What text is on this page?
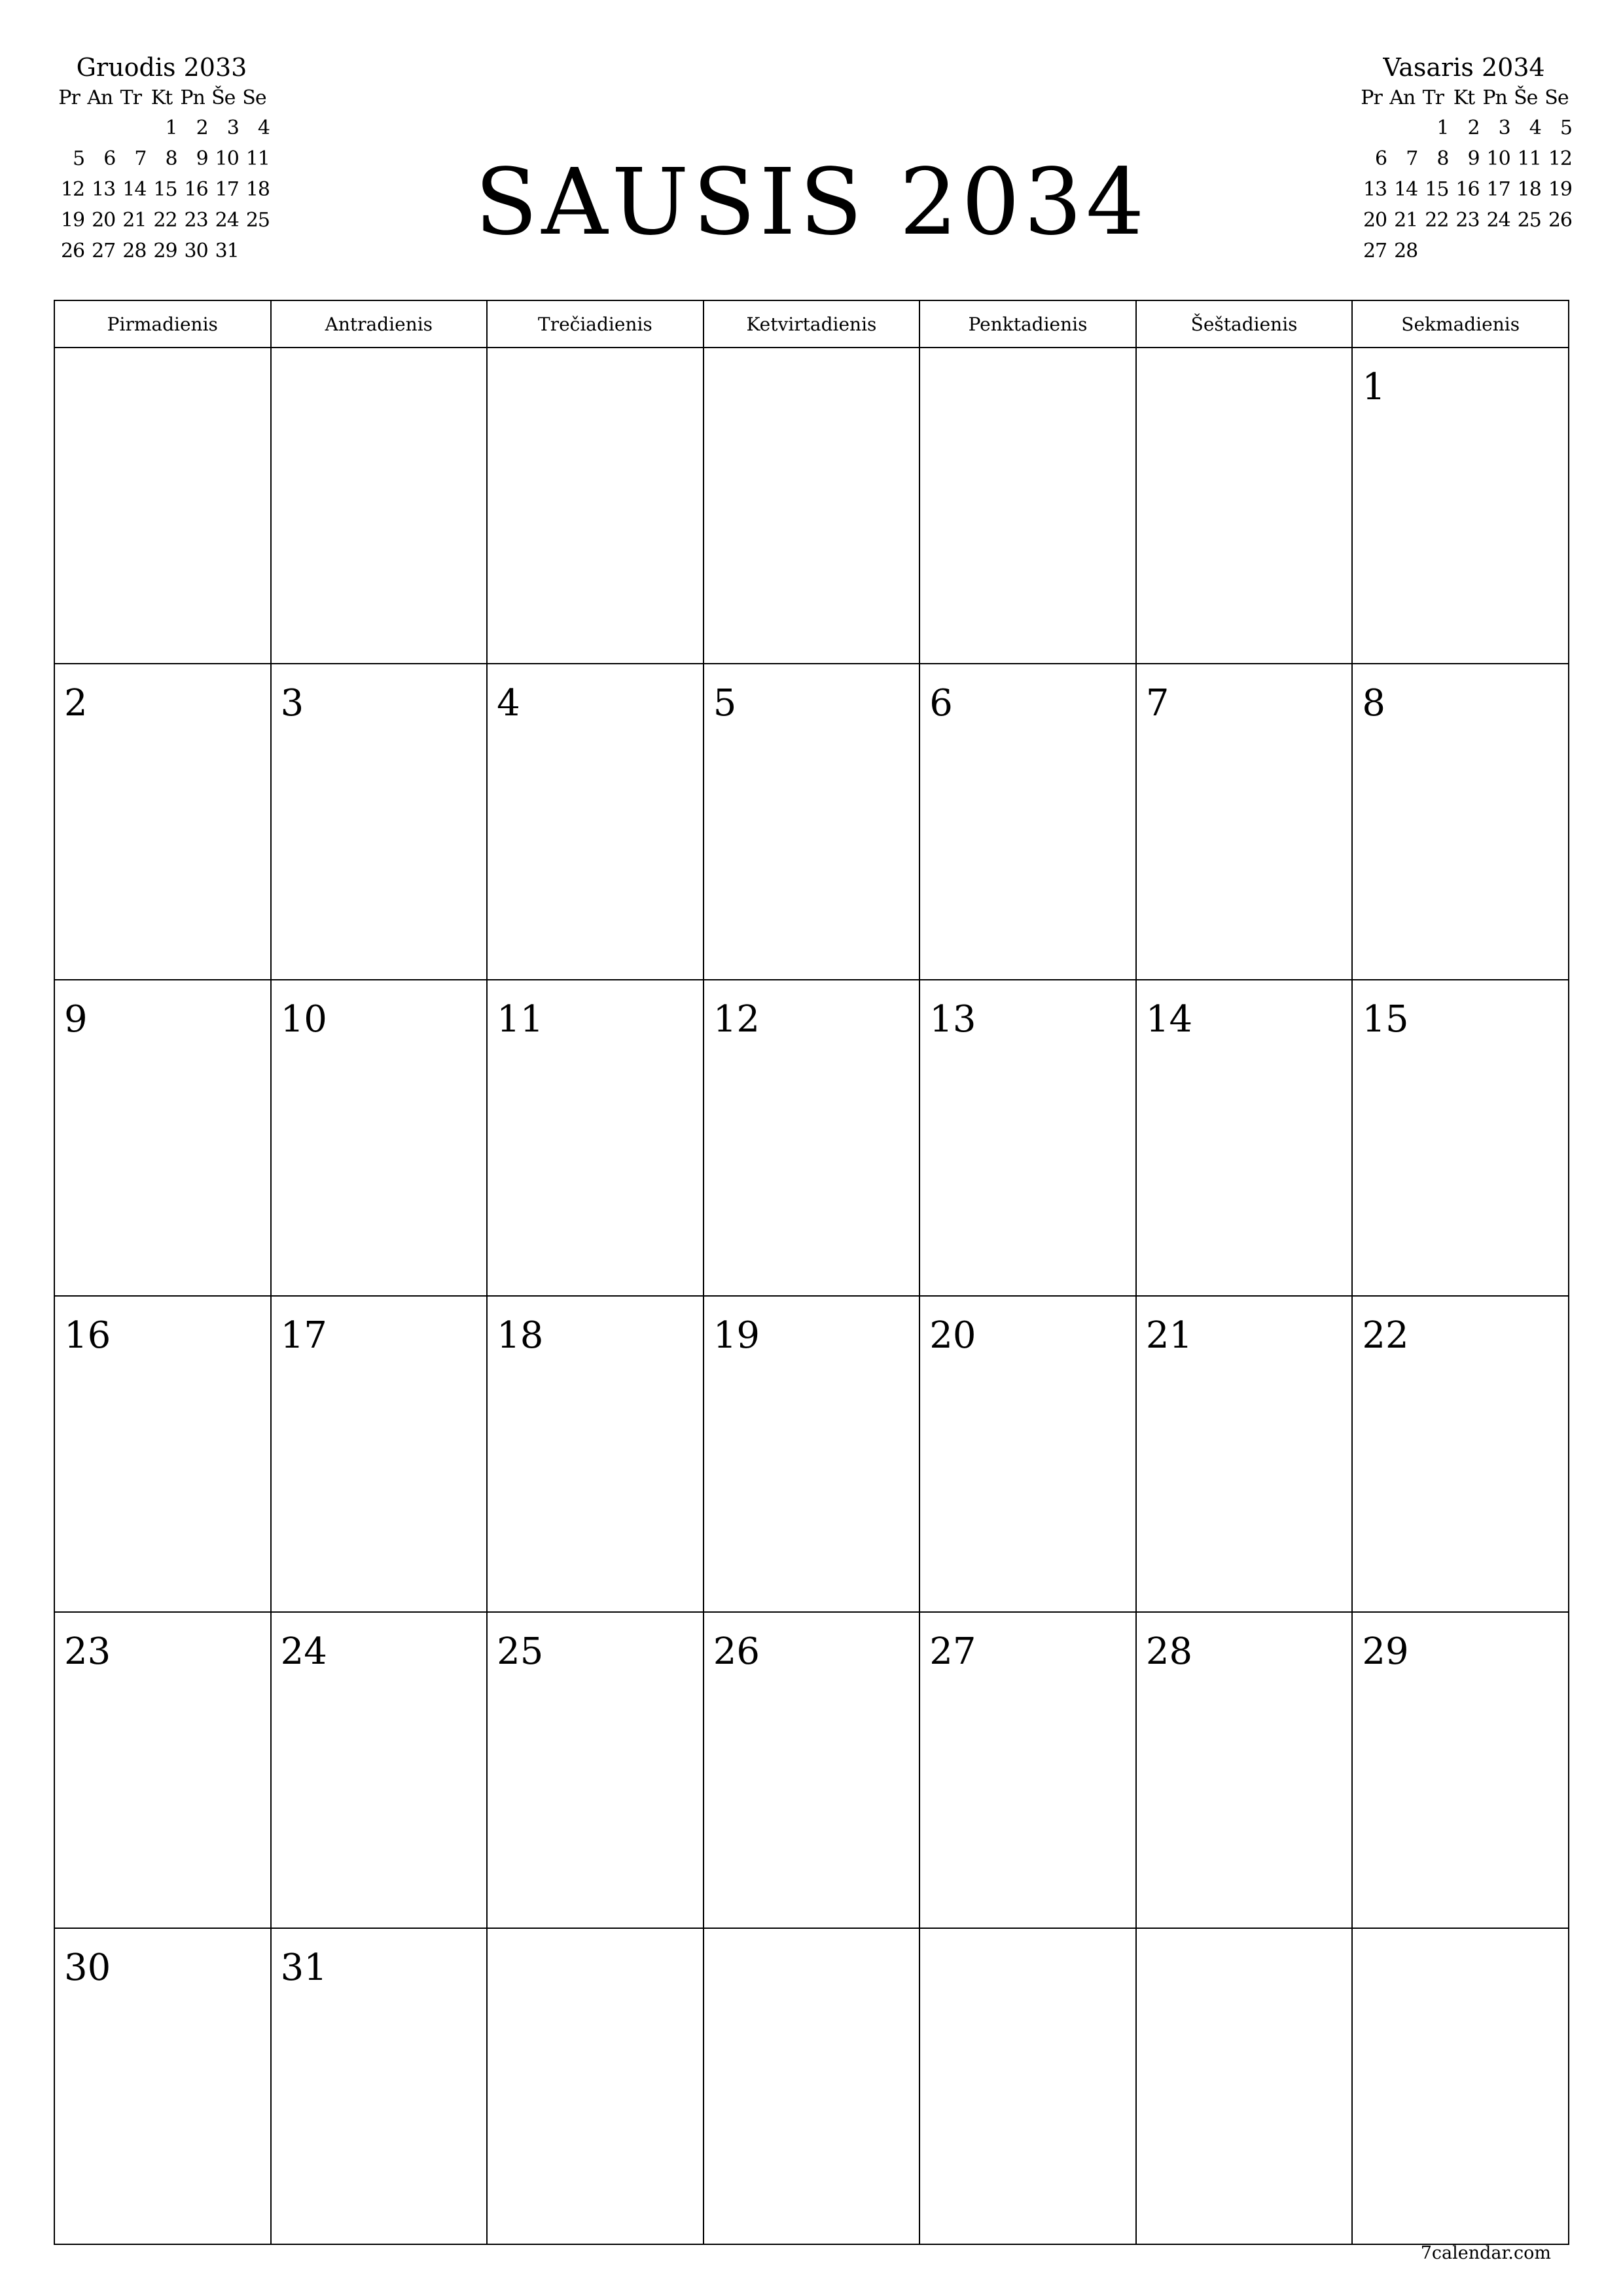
Gruodis 2033
Pr	An	Tr	Kt	Pn	Še	Se
			1	2	3	4
5	6	7	8	9	10	11
12	13	14	15	16	17	18
19	20	21	22	23	24	25
26	27	28	29	30	31		SAUSIS 2034
Vasaris 2034
Pr	An	Tr	Kt	Pn	Še	Se
		1	2	3	4	5
6	7	8	9	10	11	12
13	14	15	16	17	18	19
20	21	22	23	24	25	26
27	28					
Pirmadienis	Antradienis	Trečiadienis	Ketvirtadienis	Penktadienis	Šeštadienis	Sekmadienis

						1

2	3	4	5	6	7	8

9	10	11	12	13	14	15

16	17	18	19	20	21	22

23	24	25	26	27	28	29

30	31					

7calendar.com
